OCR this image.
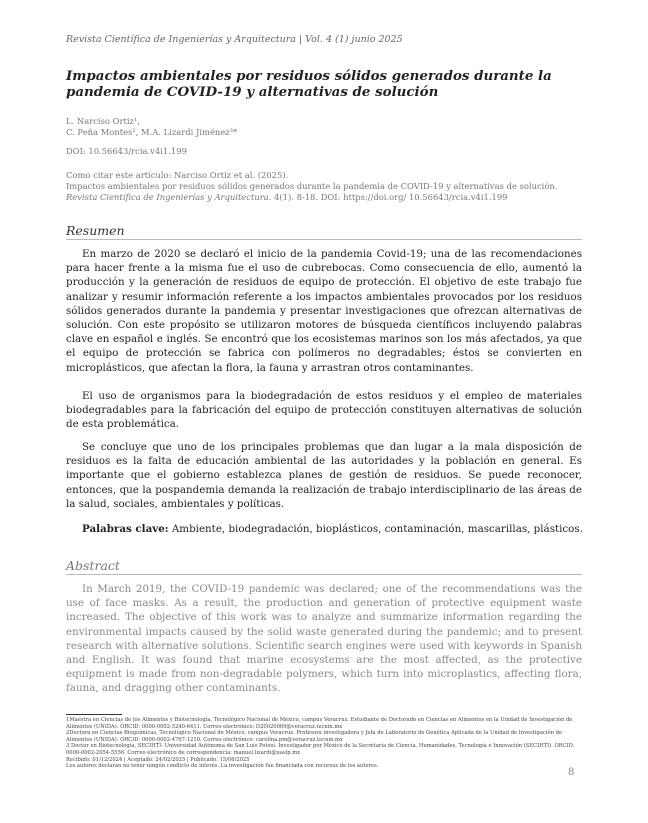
Revista Científica de Ingenierías y Arquitectura | Vol. 4 (1) junio 2025
Impactos ambientales por residuos sólidos generados durante la pandemia de COVID-19 y alternativas de solución
L. Narciso Ortiz¹,
C. Peña Montes², M.A. Lizardi Jiménez³*
DOI: 10.56643/rcia.v4i1.199
Como citar este artículo: Narciso Ortiz et al. (2025).
Impactos ambientales por residuos sólidos generados durante la pandemia de COVID-19 y alternativas de solución. Revista Científica de Ingenierías y Arquitectura. 4(1). 8-18. DOI: https://doi.org/ 10.56643/rcia.v4i1.199
Resumen

En marzo de 2020 se declaró el inicio de la pandemia Covid-19; una de las recomendaciones para hacer frente a la misma fue el uso de cubrebocas. Como consecuencia de ello, aumentó la producción y la generación de residuos de equipo de protección. El objetivo de este trabajo fue analizar y resumir información referente a los impactos ambientales provocados por los residuos sólidos generados durante la pandemia y presentar investigaciones que ofrezcan alternativas de solución. Con este propósito se utilizaron motores de búsqueda científicos incluyendo palabras clave en español e inglés. Se encontró que los ecosistemas marinos son los más afectados, ya que el equipo de protección se fabrica con polímeros no degradables; éstos se convierten en microplásticos, que afectan la flora, la fauna y arrastran otros contaminantes.

El uso de organismos para la biodegradación de estos residuos y el empleo de materiales biodegradables para la fabricación del equipo de protección constituyen alternativas de solución de esta problemática.

Se concluye que uno de los principales problemas que dan lugar a la mala disposición de residuos es la falta de educación ambiental de las autoridades y la población en general. Es importante que el gobierno establezca planes de gestión de residuos. Se puede reconocer, entonces, que la pospandemia demanda la realización de trabajo interdisciplinario de las áreas de la salud, sociales, ambientales y políticas.

Palabras clave: Ambiente, biodegradación, bioplásticos, contaminación, mascarillas, plásticos.
Abstract

In March 2019, the COVID-19 pandemic was declared; one of the recommendations was the use of face masks. As a result, the production and generation of protective equipment waste increased. The objective of this work was to analyze and summarize information regarding the environmental impacts caused by the solid waste generated during the pandemic; and to present research with alternative solutions. Scientific search engines were used with keywords in Spanish and English. It was found that marine ecosystems are the most affected, as the protective equipment is made from non-degradable polymers, which turn into microplastics, affecting flora, fauna, and dragging other contaminants.

1Maestra en Ciencias de los Alimentos y Biotecnología, Tecnológico Nacional de México, campus Veracruz. Estudiante de Doctorado en Ciencias en Alimentos en la Unidad de Investigación de Alimentos (UNIDA). ORCID: 0000-0002-5240-6411. Correo electrónico: D20020009@veracruz.tecnm.mx
2Doctora en Ciencias Bioquímicas, Tecnológico Nacional de México, campus Veracruz. Profesora investigadora y Jefa de Laboratorio de Genética Aplicada de la Unidad de Investigación de Alimentos (UNIDA). ORCID: 0000-0002-4767-1210. Correo electrónico: carolina.pm@veracruz.tecnm.mx
3 Doctor en Biotecnología, SECIHTI- Universidad Autónoma de San Luis Potosí. Investigador por México de la Secretaría de Ciencia, Humanidades, Tecnología e Innovación (SECIHTI). ORCID: 0000-0002-2054-5556. Correo electrónico de correspondencia: manuel.lizardi@uaslp.mx
Recibido: 01/12/2024 | Aceptado: 24/02/2025 | Publicado: 15/06/2025
Los autores declaran no tener ningún conflicto de interés. La investigación fue financiada con recursos de los autores.
8
